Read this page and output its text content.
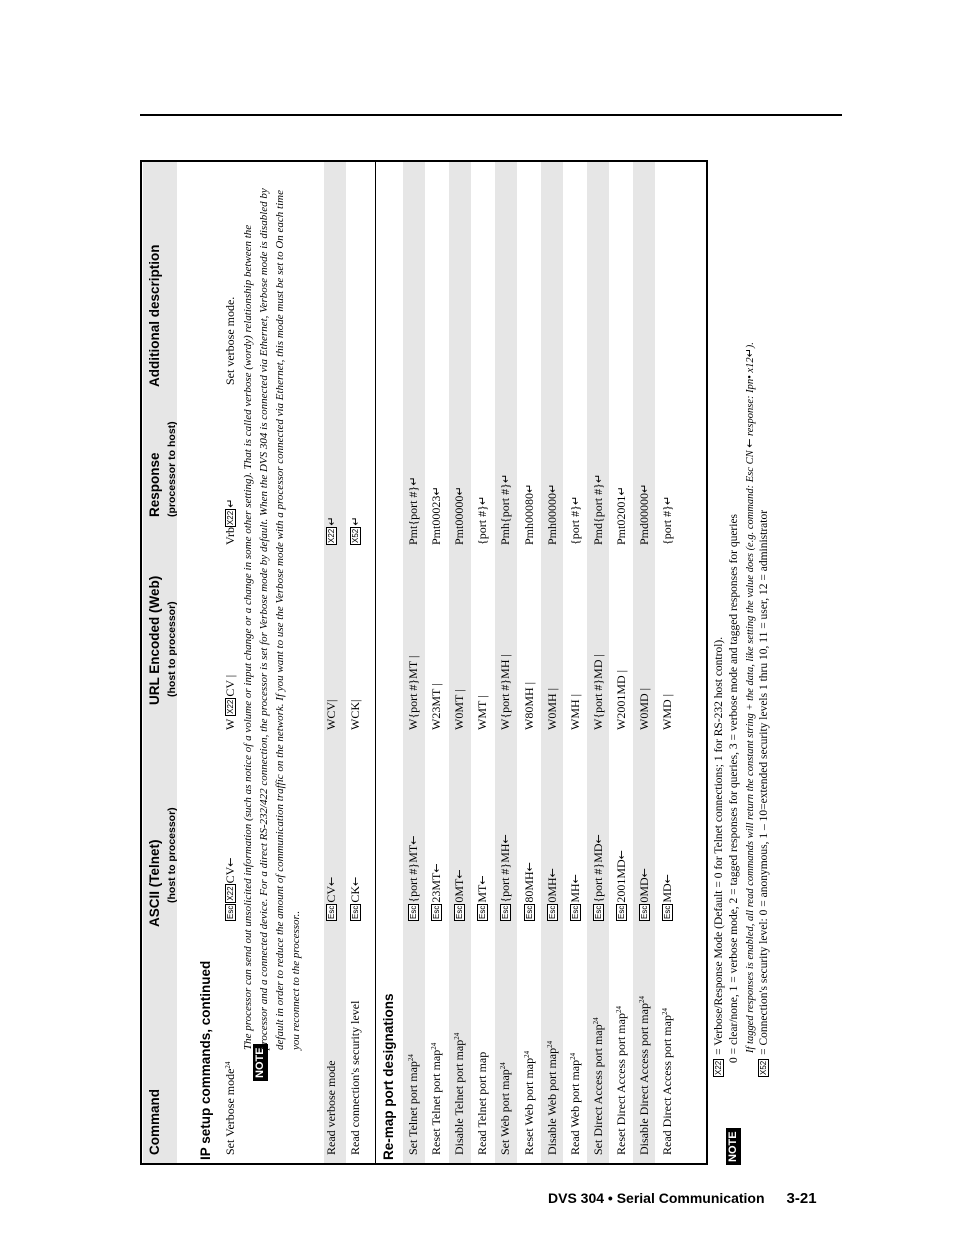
Command
ASCII (Telnet) (host to processor)
URL Encoded (Web) (host to processor)
Response (processor to host)
Additional description
IP setup commands, continued Set Verbose mode$^{24}$
EscX22CV←
W X22CV |
VrbX22↵
Set verbose mode.
NOTE
The processor can send out unsolicited information (such as notice of a volume or input change or a change in some other setting). That is called verbose (wordy) relationship between the processor and a connected device. For a direct RS-232/422 connection, the processor is set for Verbose mode by default. When the DVS 304 is connected via Ethernet, Verbose mode is disabled by default in order to reduce the amount of communication traffic on the network. If you want to use the Verbose mode with a processor connected via Ethernet, this mode must be set to On each time you reconnect to the processor..
Read verbose mode
EscCV←
WCV|
X22↵
Read connection's security level
EscCK←
WCK|
X52↵
Re-map port designations Set Telnet port map$^{24}$
Esc{port #}MT←
W{port #}MT |
Pmt{port #}↵
Reset Telnet port map$^{24}$
Esc23MT←
W23MT |
Pmt00023↵
Disable Telnet port map$^{24}$
Esc0MT←
W0MT |
Pmt00000↵
Read Telnet port map
EscMT←
WMT |
{port #}↵
Set Web port map$^{24}$
Esc{port #}MH←
W{port #}MH |
Pmh{port #}↵
Reset Web port map$^{24}$
Esc80MH←
W80MH |
Pmh00080↵
Disable Web port map$^{24}$
Esc0MH←
W0MH |
Pmh00000↵
Read Web port map$^{24}$
EscMH←
WMH |
{port #}↵
Set Direct Access port map$^{24}$
Esc{port #}MD←
W{port #}MD |
Pmd{port #}↵
Reset Direct Access port map$^{24}$
Esc2001MD←
W2001MD |
Pmt02001↵
Disable Direct Access port map$^{24}$
Esc0MD←
W0MD |
Pmd00000↵
Read Direct Access port map$^{24}$
EscMD←
WMD |
{port #}↵
NOTE
X22 = Verbose/Response Mode (Default = 0 for Telnet connections; 1 for RS-232 host control). 0 = clear/none, 1 = verbose mode, 2 = tagged responses for queries, 3 = verbose mode and tagged responses for queries If tagged responses is enabled, all read commands will return the constant string + the data, like setting the value does (e.g. command: Esc CN ← response: Ipn• x12↵).
X52 = Connection's security level: 0 = anonymous, 1 – 10=extended security levels 1 thru 10, 11 = user, 12 = administrator
DVS 304 • Serial Communication 3-21
